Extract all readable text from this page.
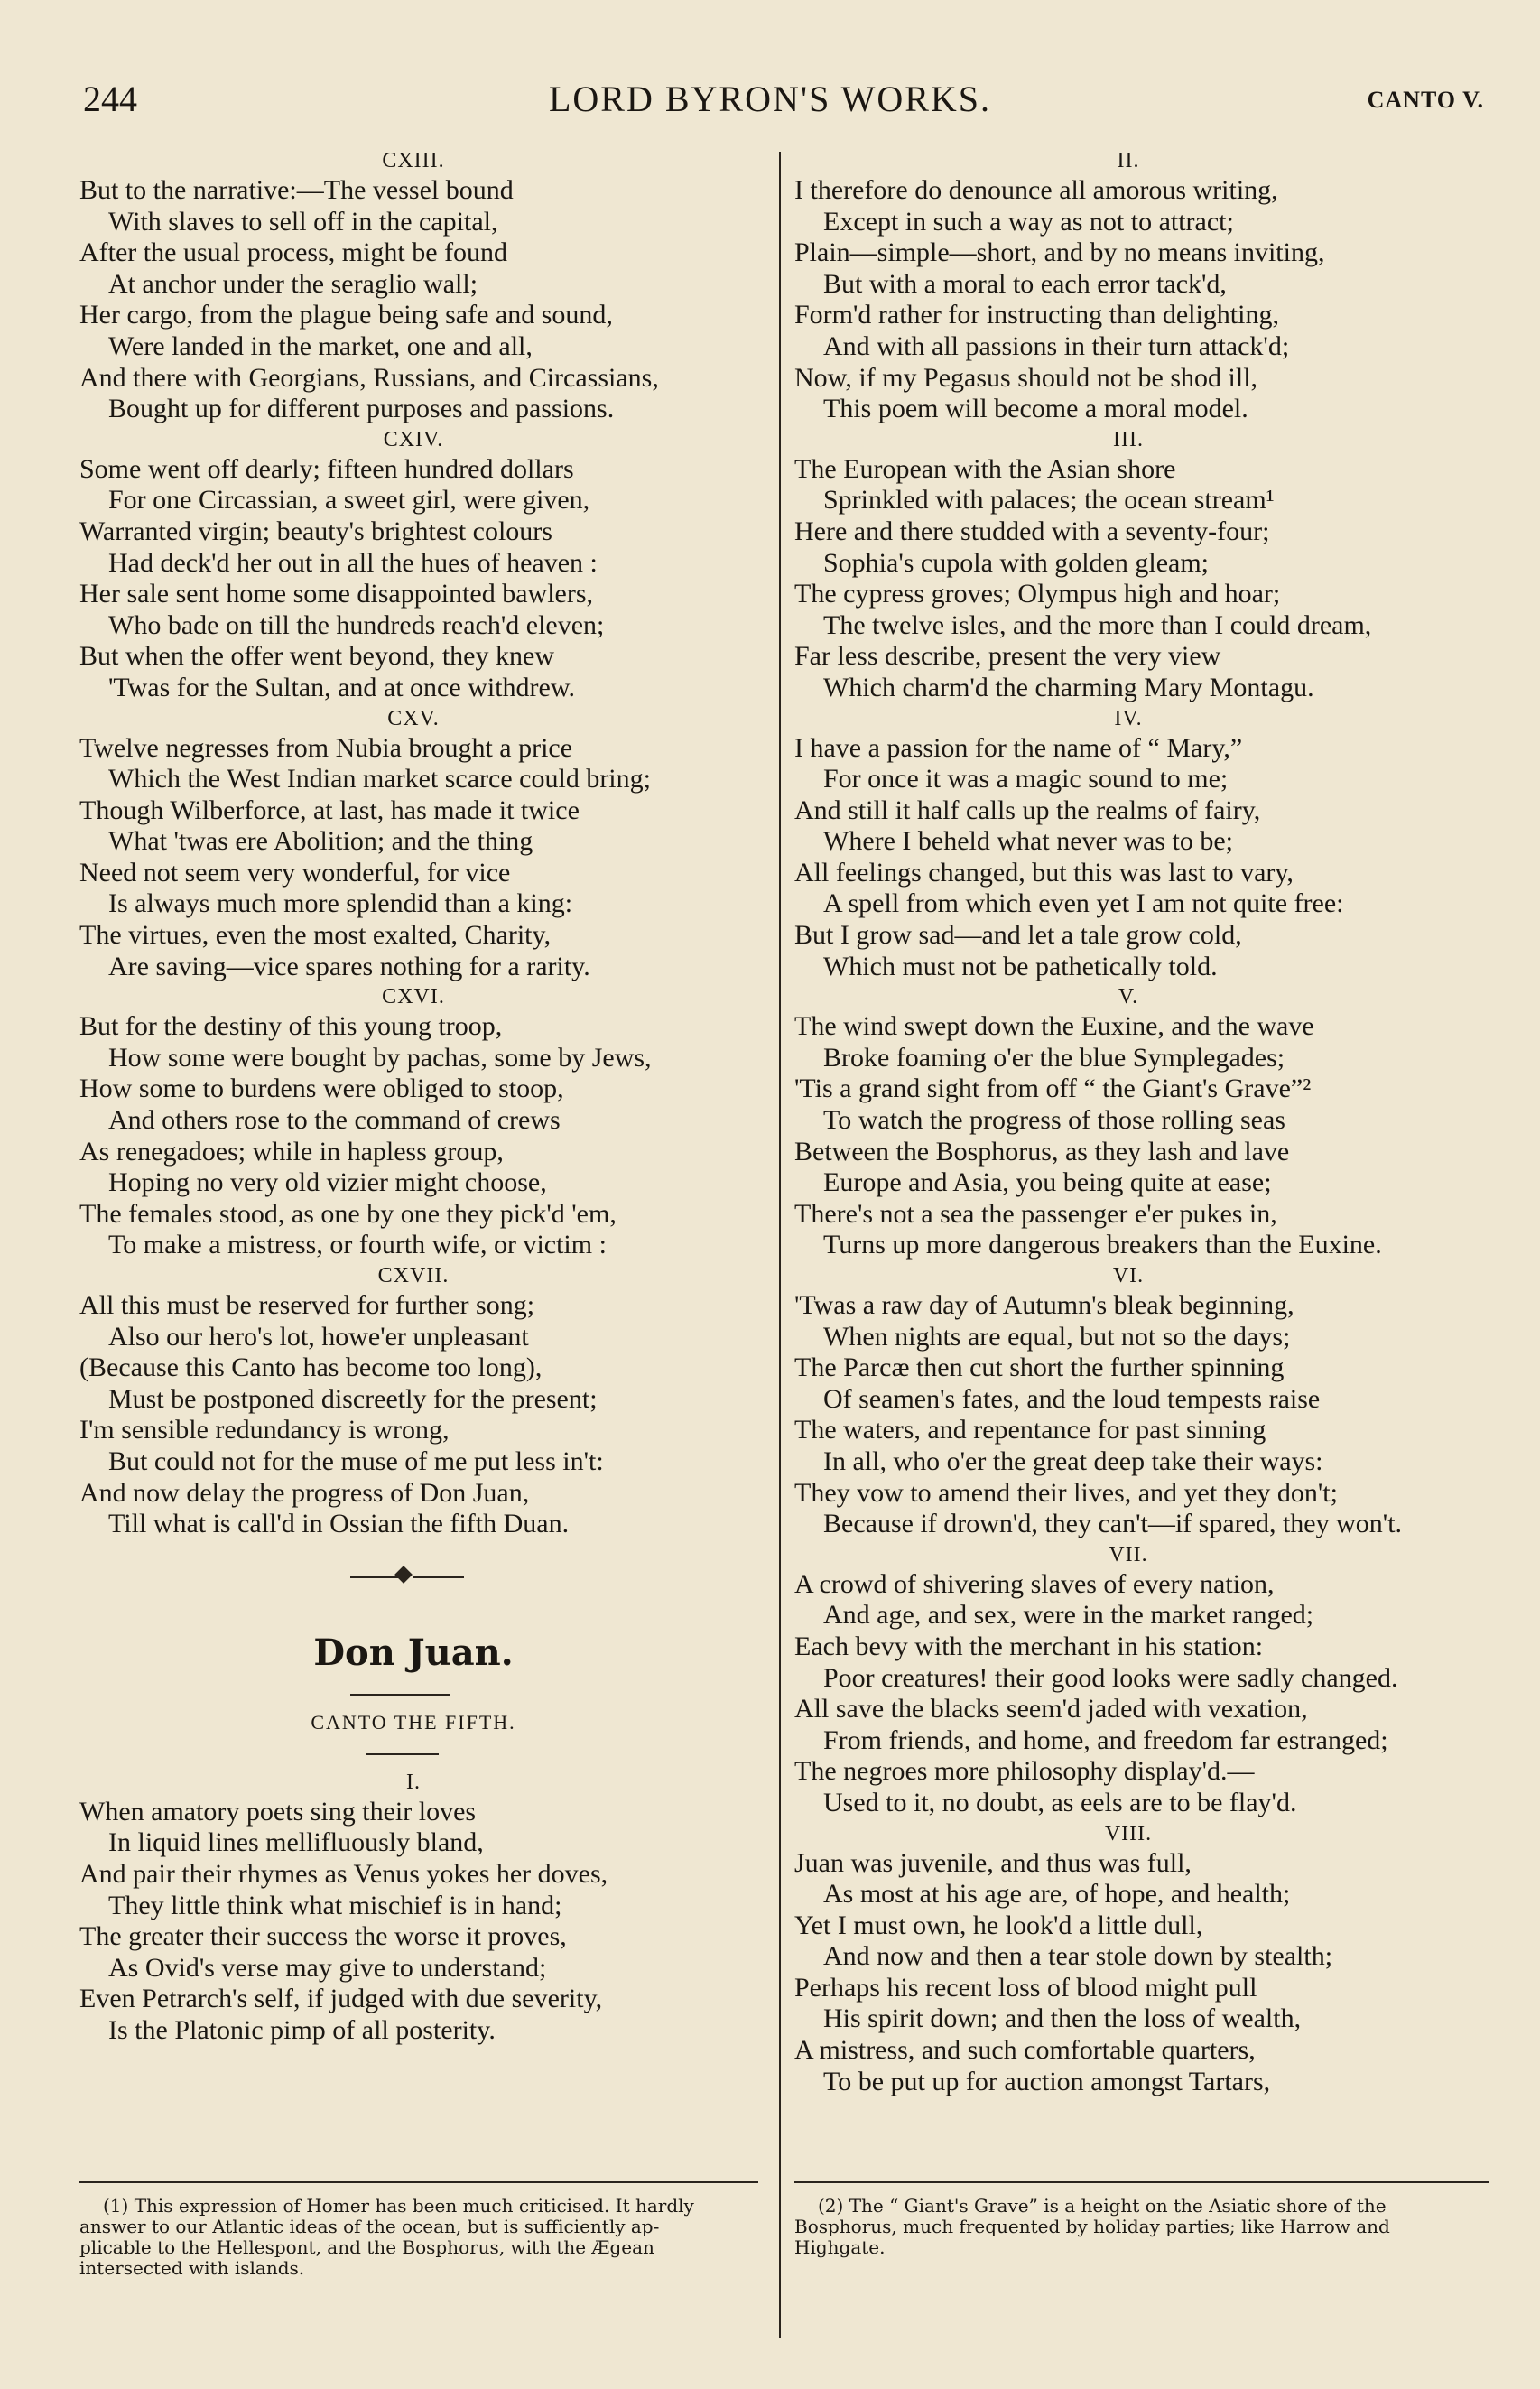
244	LORD BYRON'S WORKS.	CANTO V.
CXIII.
But to the narrative:—The vessel bound
With slaves to sell off in the capital,
After the usual process, might be found
At anchor under the seraglio wall;
Her cargo, from the plague being safe and sound,
Were landed in the market, one and all,
And there with Georgians, Russians, and Circassians,
Bought up for different purposes and passions.
CXIV.
Some went off dearly; fifteen hundred dollars
For one Circassian, a sweet girl, were given,
Warranted virgin; beauty's brightest colours
Had deck'd her out in all the hues of heaven :
Her sale sent home some disappointed bawlers,
Who bade on till the hundreds reach'd eleven;
But when the offer went beyond, they knew
'Twas for the Sultan, and at once withdrew.
CXV.
Twelve negresses from Nubia brought a price
Which the West Indian market scarce could bring;
Though Wilberforce, at last, has made it twice
What 'twas ere Abolition; and the thing
Need not seem very wonderful, for vice
Is always much more splendid than a king:
The virtues, even the most exalted, Charity,
Are saving—vice spares nothing for a rarity.
CXVI.
But for the destiny of this young troop,
How some were bought by pachas, some by Jews,
How some to burdens were obliged to stoop,
And others rose to the command of crews
As renegadoes; while in hapless group,
Hoping no very old vizier might choose,
The females stood, as one by one they pick'd 'em,
To make a mistress, or fourth wife, or victim :
CXVII.
All this must be reserved for further song;
Also our hero's lot, howe'er unpleasant
(Because this Canto has become too long),
Must be postponed discreetly for the present;
I'm sensible redundancy is wrong,
But could not for the muse of me put less in't:
And now delay the progress of Don Juan,
Till what is call'd in Ossian the fifth Duan.
Don Juan.
CANTO THE FIFTH.
I.
When amatory poets sing their loves
In liquid lines mellifluously bland,
And pair their rhymes as Venus yokes her doves,
They little think what mischief is in hand;
The greater their success the worse it proves,
As Ovid's verse may give to understand;
Even Petrarch's self, if judged with due severity,
Is the Platonic pimp of all posterity.
II.
I therefore do denounce all amorous writing,
Except in such a way as not to attract;
Plain—simple—short, and by no means inviting,
But with a moral to each error tack'd,
Form'd rather for instructing than delighting,
And with all passions in their turn attack'd;
Now, if my Pegasus should not be shod ill,
This poem will become a moral model.
III.
The European with the Asian shore
Sprinkled with palaces; the ocean stream¹
Here and there studded with a seventy-four;
Sophia's cupola with golden gleam;
The cypress groves; Olympus high and hoar;
The twelve isles, and the more than I could dream,
Far less describe, present the very view
Which charm'd the charming Mary Montagu.
IV.
I have a passion for the name of “ Mary,”
For once it was a magic sound to me;
And still it half calls up the realms of fairy,
Where I beheld what never was to be;
All feelings changed, but this was last to vary,
A spell from which even yet I am not quite free:
But I grow sad—and let a tale grow cold,
Which must not be pathetically told.
V.
The wind swept down the Euxine, and the wave
Broke foaming o'er the blue Symplegades;
'Tis a grand sight from off “ the Giant's Grave”²
To watch the progress of those rolling seas
Between the Bosphorus, as they lash and lave
Europe and Asia, you being quite at ease;
There's not a sea the passenger e'er pukes in,
Turns up more dangerous breakers than the Euxine.
VI.
'Twas a raw day of Autumn's bleak beginning,
When nights are equal, but not so the days;
The Parcæ then cut short the further spinning
Of seamen's fates, and the loud tempests raise
The waters, and repentance for past sinning
In all, who o'er the great deep take their ways:
They vow to amend their lives, and yet they don't;
Because if drown'd, they can't—if spared, they won't.
VII.
A crowd of shivering slaves of every nation,
And age, and sex, were in the market ranged;
Each bevy with the merchant in his station:
Poor creatures! their good looks were sadly changed.
All save the blacks seem'd jaded with vexation,
From friends, and home, and freedom far estranged;
The negroes more philosophy display'd.—
Used to it, no doubt, as eels are to be flay'd.
VIII.
Juan was juvenile, and thus was full,
As most at his age are, of hope, and health;
Yet I must own, he look'd a little dull,
And now and then a tear stole down by stealth;
Perhaps his recent loss of blood might pull
His spirit down; and then the loss of wealth,
A mistress, and such comfortable quarters,
To be put up for auction amongst Tartars,
(1) This expression of Homer has been much criticised. It hardly
answer to our Atlantic ideas of the ocean, but is sufficiently ap-
plicable to the Hellespont, and the Bosphorus, with the Ægean
intersected with islands.
(2) The “ Giant's Grave” is a height on the Asiatic shore of the
Bosphorus, much frequented by holiday parties; like Harrow and
Highgate.
